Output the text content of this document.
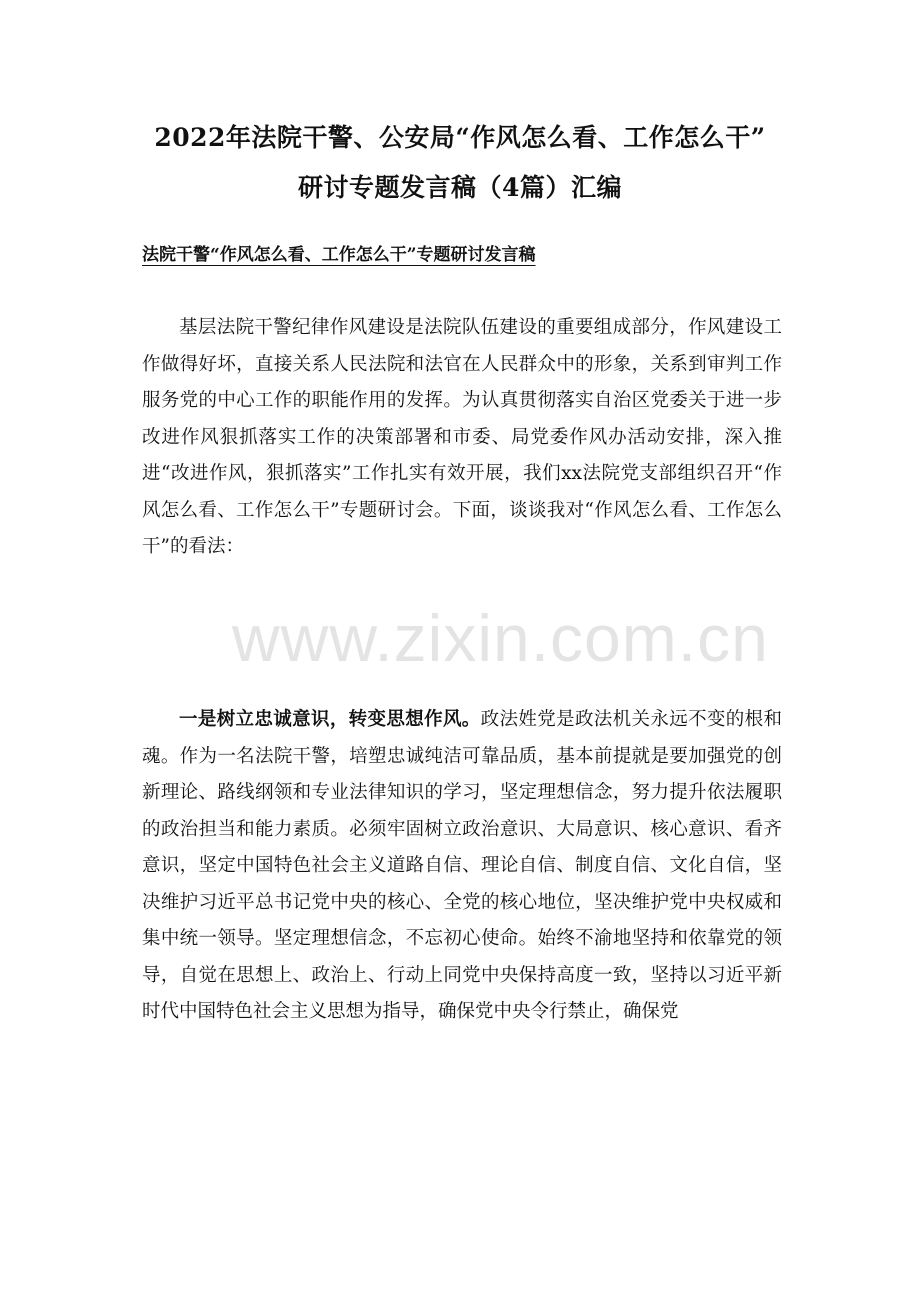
2022年法院干警、公安局“作风怎么看、工作怎么干”
研讨专题发言稿（4篇）汇编
法院干警“作风怎么看、工作怎么干”专题研讨发言稿

基层法院干警纪律作风建设是法院队伍建设的重要组成部分，作风建设工作做得好坏，直接关系人民法院和法官在人民群众中的形象，关系到审判工作服务党的中心工作的职能作用的发挥。为认真贯彻落实自治区党委关于进一步改进作风狠抓落实工作的决策部署和市委、局党委作风办活动安排，深入推进“改进作风，狠抓落实”工作扎实有效开展，我们xx法院党支部组织召开“作风怎么看、工作怎么干”专题研讨会。下面，谈谈我对“作风怎么看、工作怎么干”的看法：

一是树立忠诚意识，转变思想作风。政法姓党是政法机关永远不变的根和魂。作为一名法院干警，培塑忠诚纯洁可靠品质，基本前提就是要加强党的创新理论、路线纲领和专业法律知识的学习，坚定理想信念，努力提升依法履职的政治担当和能力素质。必须牢固树立政治意识、大局意识、核心意识、看齐意识，坚定中国特色社会主义道路自信、理论自信、制度自信、文化自信，坚决维护习近平总书记党中央的核心、全党的核心地位，坚决维护党中央权威和集中统一领导。坚定理想信念，不忘初心使命。始终不渝地坚持和依靠党的领导，自觉在思想上、政治上、行动上同党中央保持高度一致，坚持以习近平新时代中国特色社会主义思想为指导，确保党中央令行禁止，确保党

www.zixin.com.cn
